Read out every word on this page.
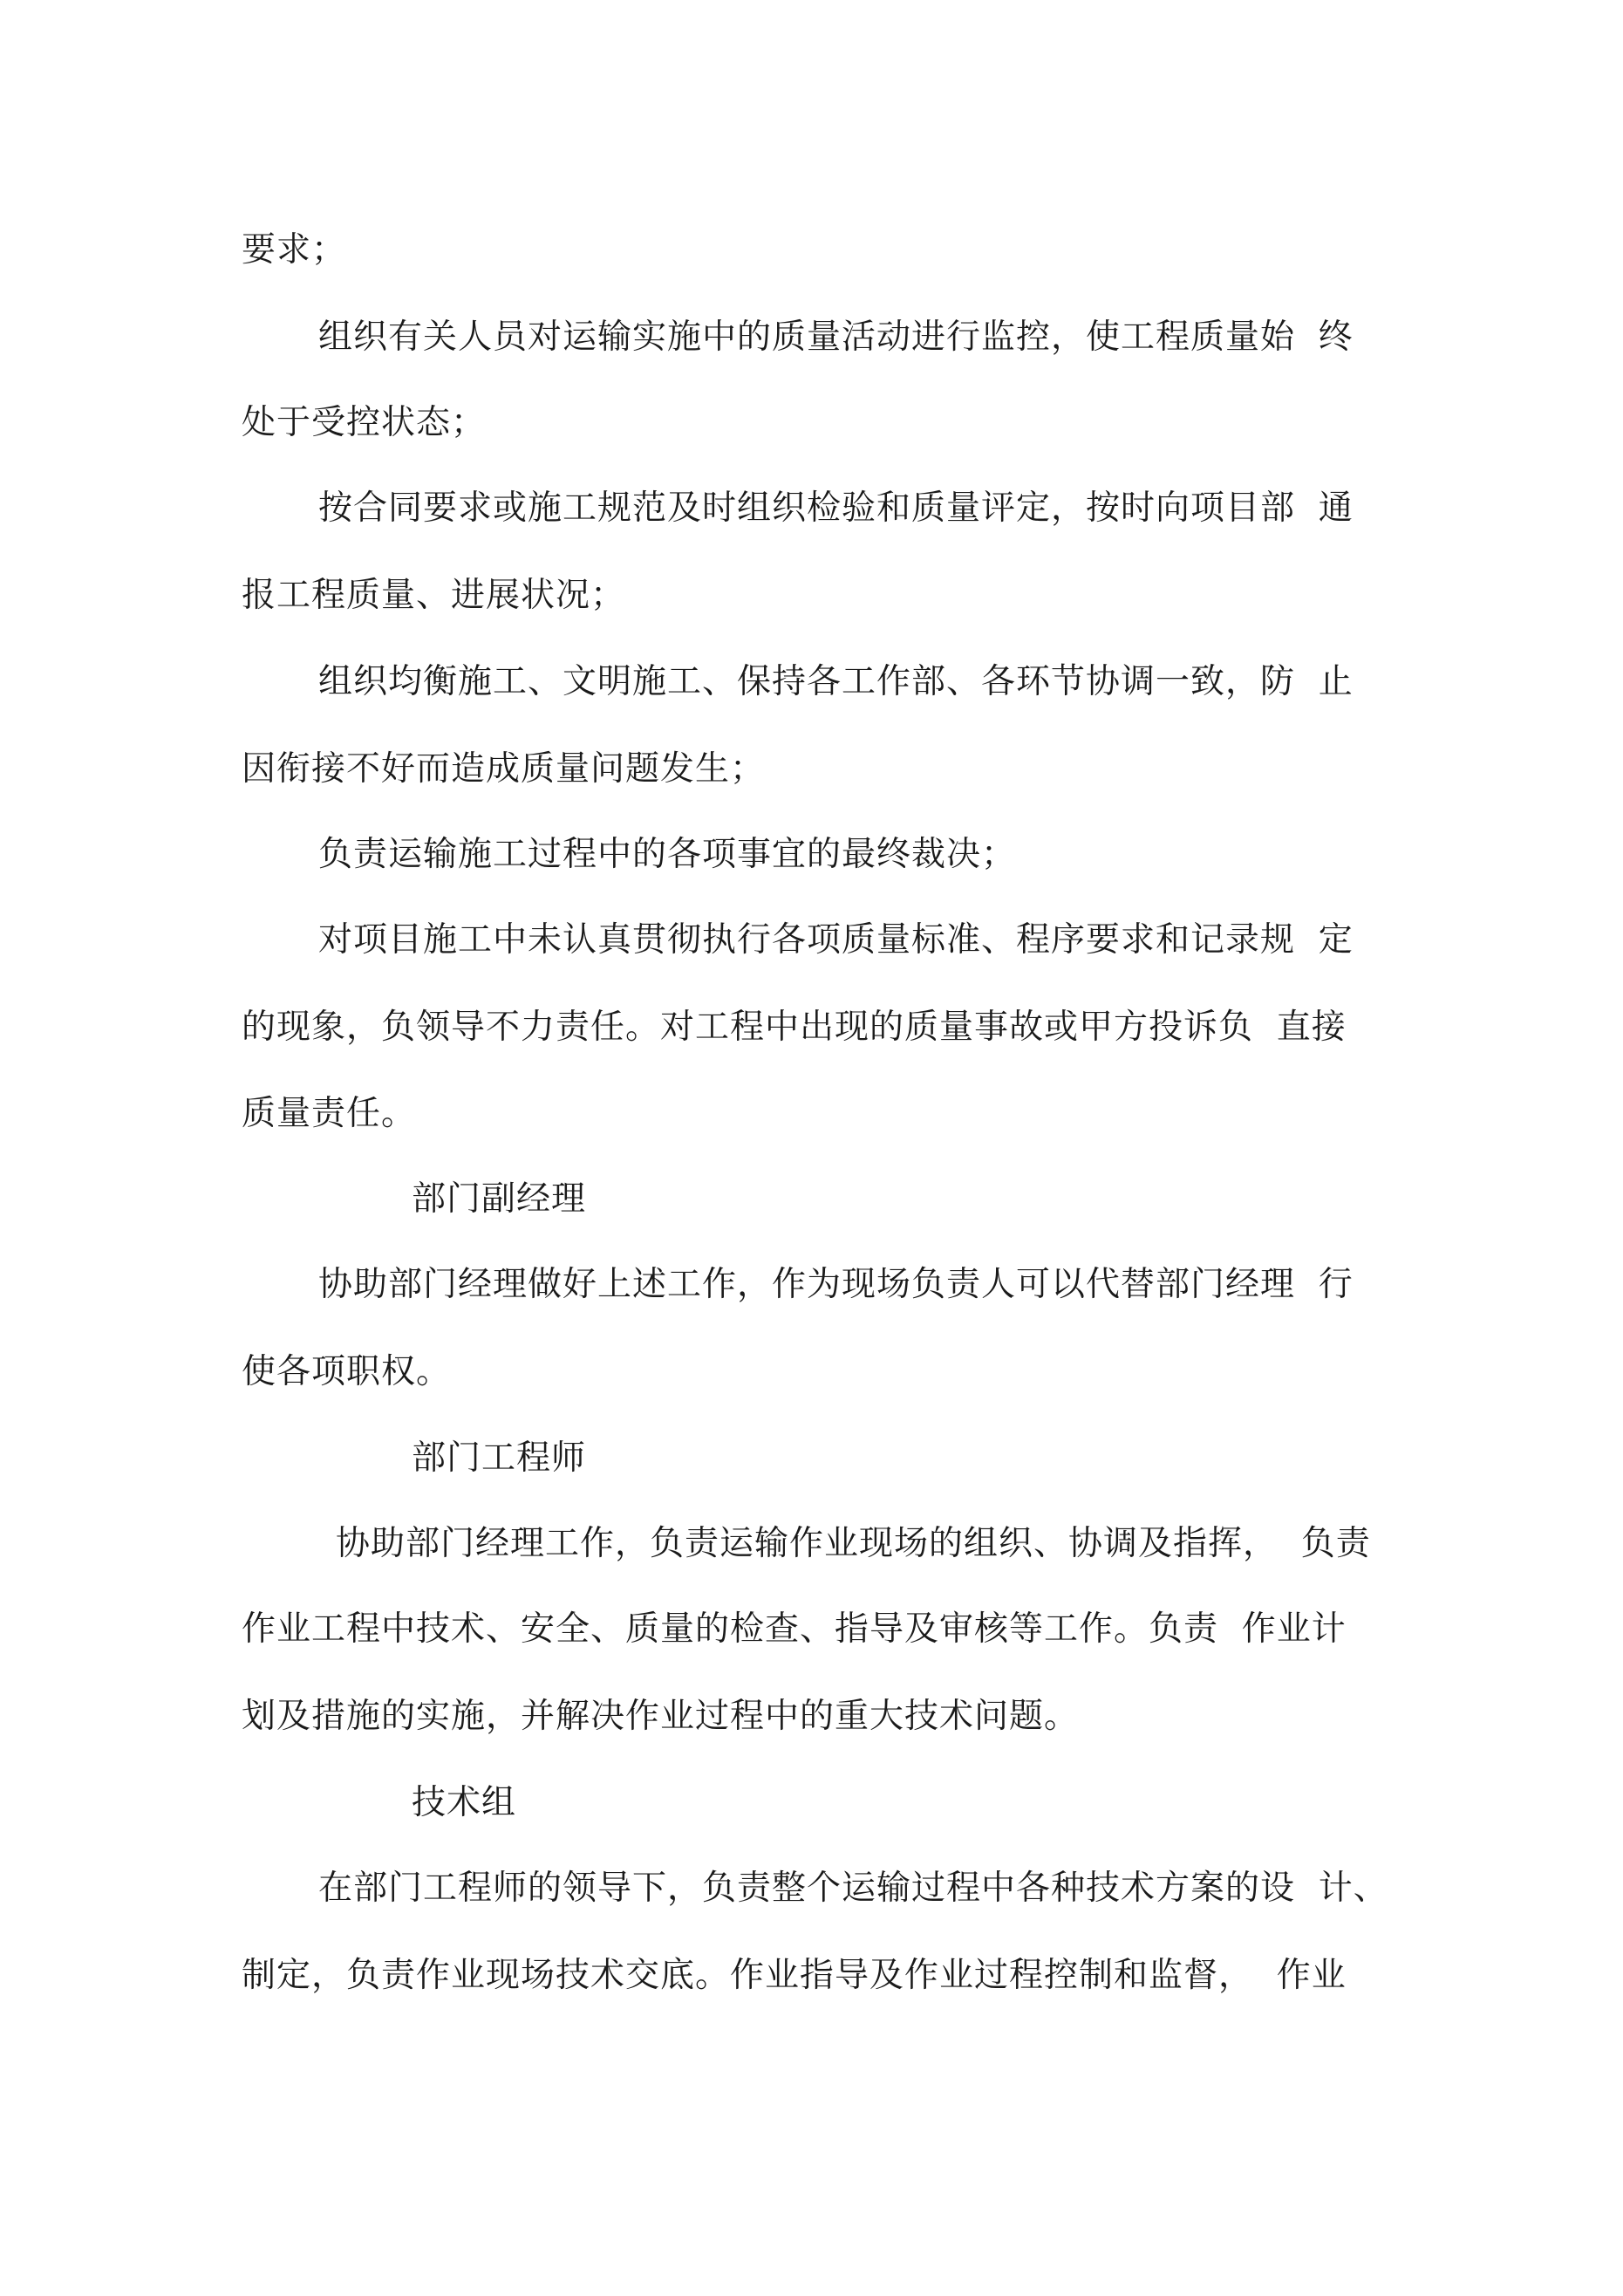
要求；
组织有关人员对运输实施中的质量活动进行监控，使工程质量始  终
处于受控状态；
按合同要求或施工规范及时组织检验和质量评定，按时向项目部  通
报工程质量、进展状况；
组织均衡施工、文明施工、保持各工作部、各环节协调一致，防  止
因衔接不好而造成质量问题发生；
负责运输施工过程中的各项事宜的最终裁决；
对项目施工中未认真贯彻执行各项质量标准、程序要求和记录规  定
的现象，负领导不力责任。对工程中出现的质量事故或甲方投诉负  直接
质量责任。
部门副经理
协助部门经理做好上述工作，作为现场负责人可以代替部门经理  行
使各项职权。
部门工程师
协助部门经理工作，负责运输作业现场的组织、协调及指挥，  负责
作业工程中技术、安全、质量的检查、指导及审核等工作。负责  作业计
划及措施的实施，并解决作业过程中的重大技术问题。
技术组
在部门工程师的领导下，负责整个运输过程中各种技术方案的设  计、
制定，负责作业现场技术交底。作业指导及作业过程控制和监督，  作业
